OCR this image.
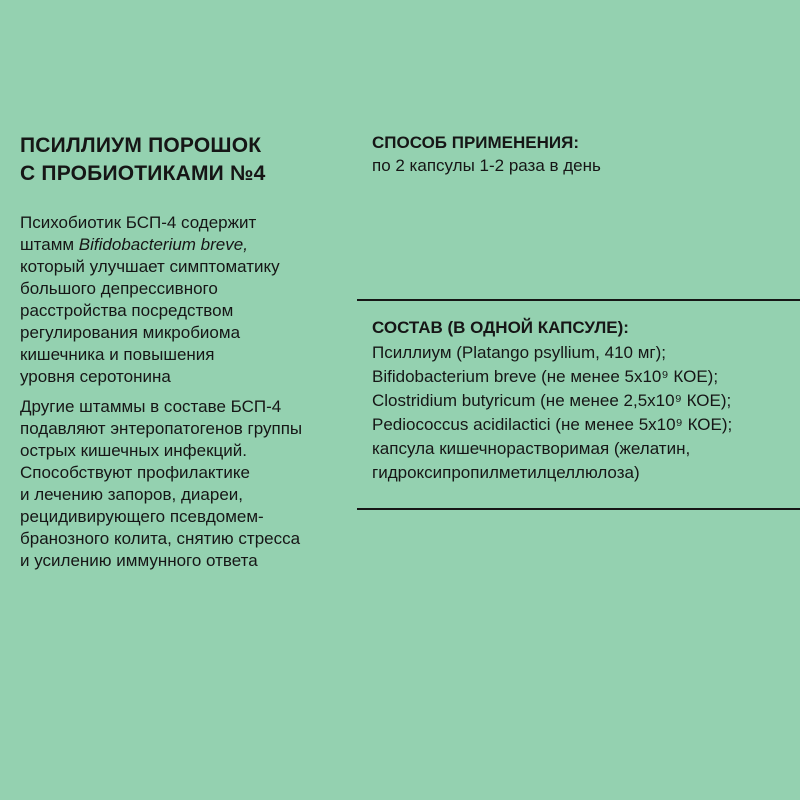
ПСИЛЛИУМ ПОРОШОК
С ПРОБИОТИКАМИ №4

Психобиотик БСП-4 содержит
штамм Bifidobacterium breve,
который улучшает симптоматику
большого депрессивного
расстройства посредством
регулирования микробиома
кишечника и повышения
уровня серотонина

Другие штаммы в составе БСП-4
подавляют энтеропатогенов группы
острых кишечных инфекций.
Способствуют профилактике
и лечению запоров, диареи,
рецидивирующего псевдомем-
бранозного колита, снятию стресса
и усилению иммунного ответа

СПОСОБ ПРИМЕНЕНИЯ:

по 2 капсулы 1-2 раза в день

СОСТАВ (В ОДНОЙ КАПСУЛЕ):

Псиллиум (Platango psyllium, 410 мг);
Bifidobacterium breve (не менее 5х10⁹ КОЕ);
Clostridium butyricum (не менее 2,5х10⁹ КОЕ);
Pediococcus acidilactici (не менее 5х10⁹ КОЕ);
капсула кишечнорастворимая (желатин,
гидроксипропилметилцеллюлоза)
